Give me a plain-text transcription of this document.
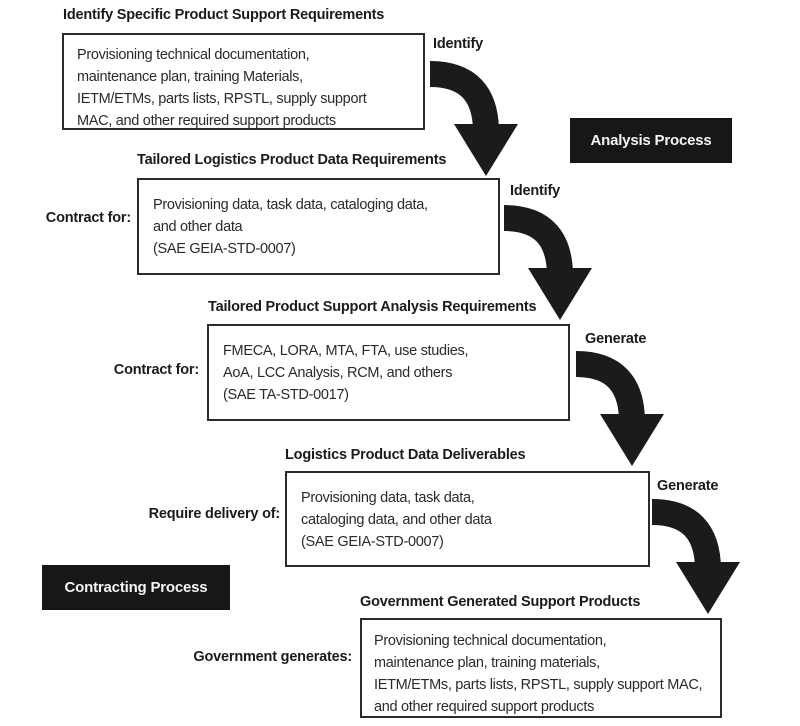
Identify Specific Product Support Requirements
Provisioning technical documentation,
maintenance plan, training Materials,
IETM/ETMs, parts lists, RPSTL, supply support
MAC, and other required support products
Identify
Analysis Process
Tailored Logistics Product Data Requirements
Contract for:
Provisioning data, task data, cataloging data,
and other data
(SAE GEIA-STD-0007)
Identify
Tailored Product Support Analysis Requirements
Contract for:
FMECA, LORA, MTA, FTA, use studies,
AoA, LCC Analysis, RCM, and others
(SAE TA-STD-0017)
Generate
Logistics Product Data Deliverables
Require delivery of:
Provisioning data, task data,
cataloging data, and other data
(SAE GEIA-STD-0007)
Generate
Contracting Process
Government Generated Support Products
Government generates:
Provisioning technical documentation,
maintenance plan, training materials,
IETM/ETMs, parts lists, RPSTL, supply support MAC,
and other required support products
